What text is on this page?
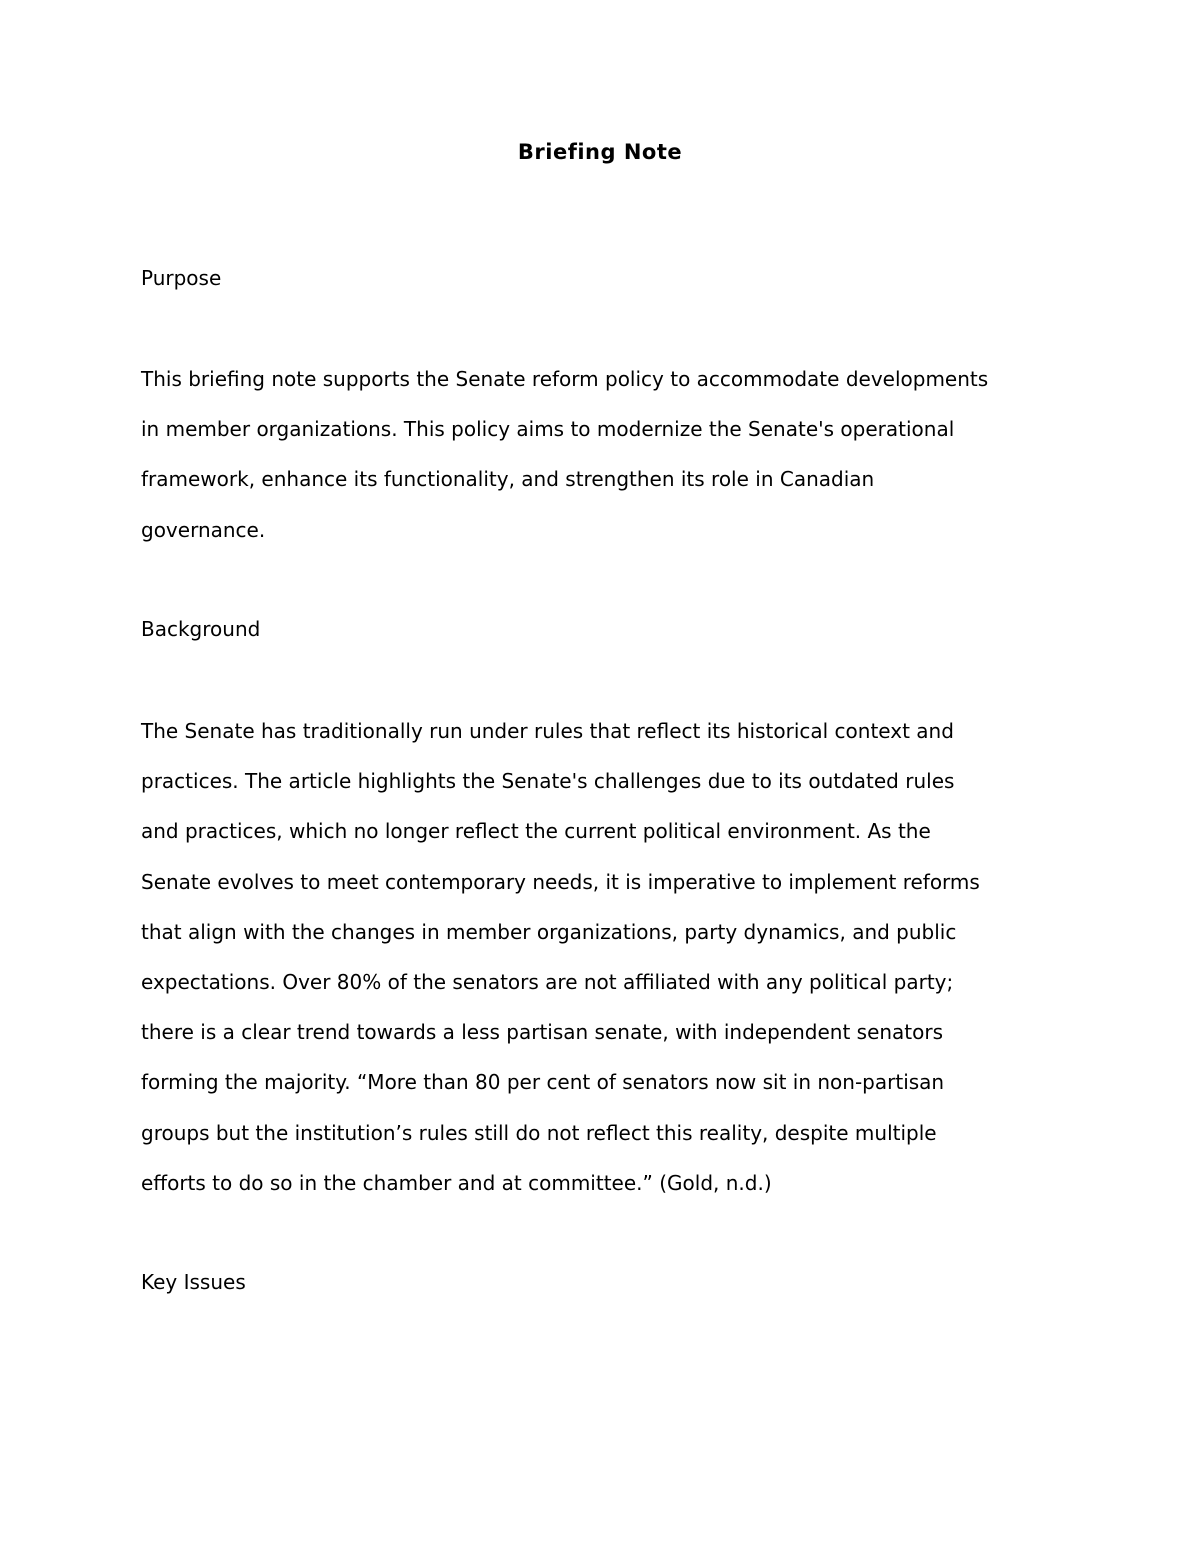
Briefing Note
Purpose

This briefing note supports the Senate reform policy to accommodate developments
in member organizations. This policy aims to modernize the Senate's operational
framework, enhance its functionality, and strengthen its role in Canadian
governance.

Background

The Senate has traditionally run under rules that reflect its historical context and
practices. The article highlights the Senate's challenges due to its outdated rules
and practices, which no longer reflect the current political environment. As the
Senate evolves to meet contemporary needs, it is imperative to implement reforms
that align with the changes in member organizations, party dynamics, and public
expectations. Over 80% of the senators are not affiliated with any political party;
there is a clear trend towards a less partisan senate, with independent senators
forming the majority. “More than 80 per cent of senators now sit in non-partisan
groups but the institution’s rules still do not reflect this reality, despite multiple
efforts to do so in the chamber and at committee.” (Gold, n.d.)

Key Issues
